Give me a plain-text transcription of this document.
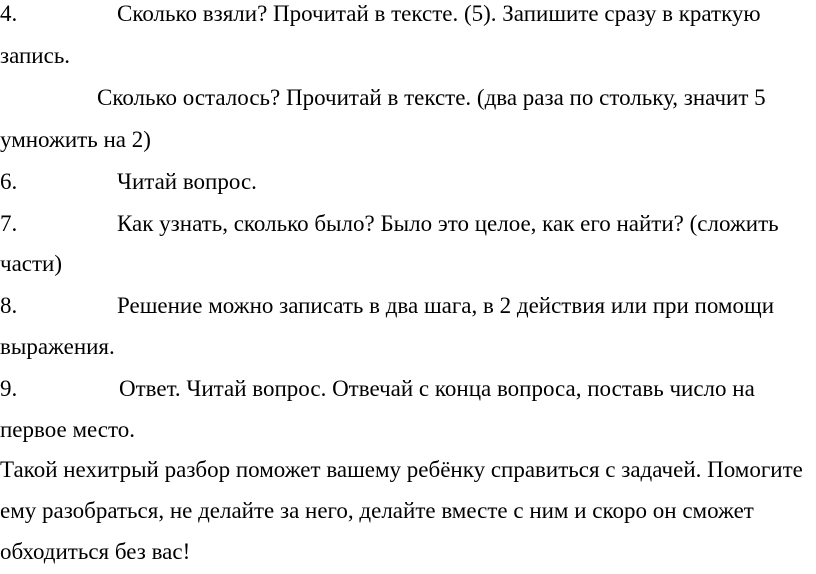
4.	Сколько взяли? Прочитай в тексте. (5). Запишите сразу в краткую
запись.
Сколько осталось? Прочитай в тексте. (два раза по стольку, значит 5
умножить на 2)
6.	Читай вопрос.
7.	Как узнать, сколько было? Было это целое, как его найти? (сложить
части)
8.	Решение можно записать в два шага, в 2 действия или при помощи
выражения.
9.	Ответ. Читай вопрос. Отвечай с конца вопроса, поставь число на
первое место.
Такой нехитрый разбор поможет вашему ребёнку справиться с задачей. Помогите
ему разобраться, не делайте за него, делайте вместе с ним и скоро он сможет
обходиться без вас!
